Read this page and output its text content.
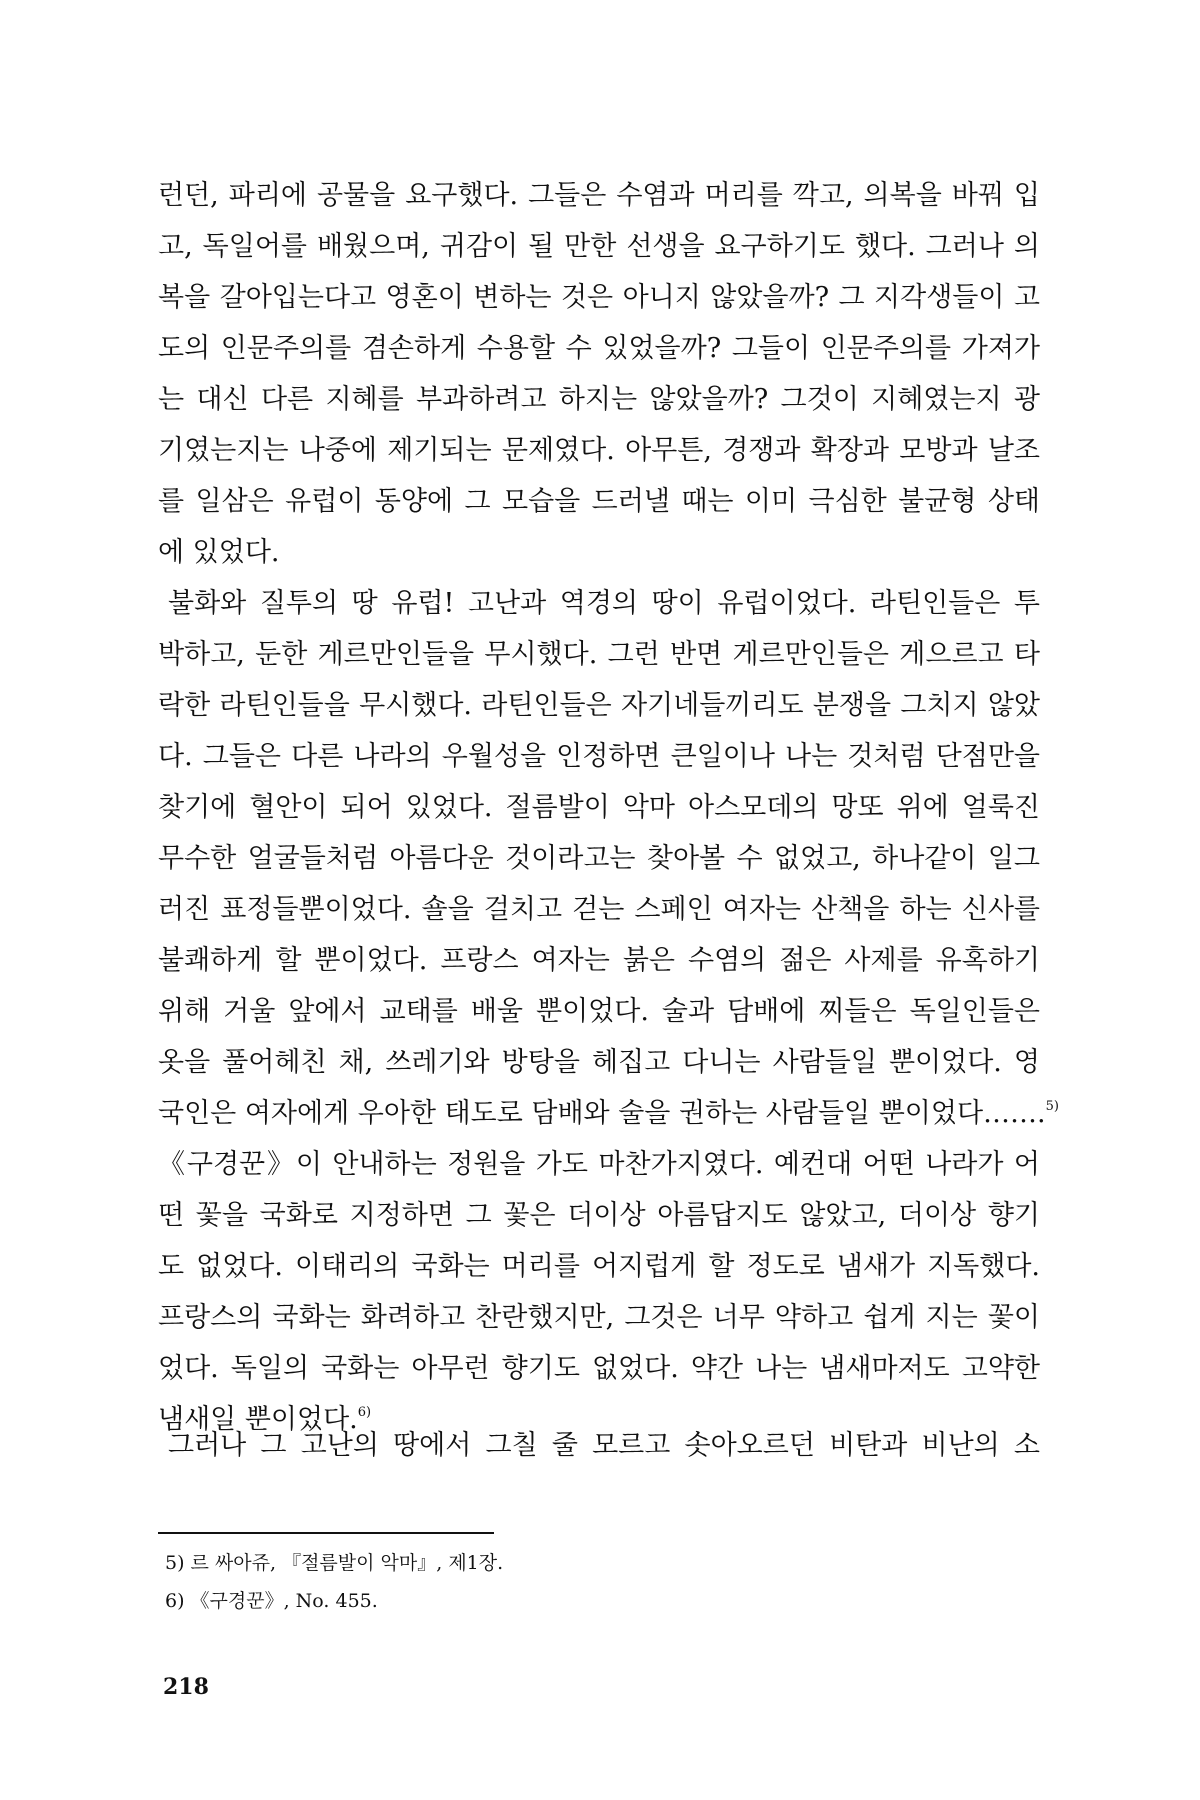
런던, 파리에 공물을 요구했다. 그들은 수염과 머리를 깍고, 의복을 바꿔 입
고, 독일어를 배웠으며, 귀감이 될 만한 선생을 요구하기도 했다. 그러나 의
복을 갈아입는다고 영혼이 변하는 것은 아니지 않았을까? 그 지각생들이 고
도의 인문주의를 겸손하게 수용할 수 있었을까? 그들이 인문주의를 가져가
는 대신 다른 지혜를 부과하려고 하지는 않았을까? 그것이 지혜였는지 광
기였는지는 나중에 제기되는 문제였다. 아무튼, 경쟁과 확장과 모방과 날조
를 일삼은 유럽이 동양에 그 모습을 드러낼 때는 이미 극심한 불균형 상태
에 있었다.
불화와 질투의 땅 유럽! 고난과 역경의 땅이 유럽이었다. 라틴인들은 투
박하고, 둔한 게르만인들을 무시했다. 그런 반면 게르만인들은 게으르고 타
락한 라틴인들을 무시했다. 라틴인들은 자기네들끼리도 분쟁을 그치지 않았
다. 그들은 다른 나라의 우월성을 인정하면 큰일이나 나는 것처럼 단점만을
찾기에 혈안이 되어 있었다. 절름발이 악마 아스모데의 망또 위에 얼룩진
무수한 얼굴들처럼 아름다운 것이라고는 찾아볼 수 없었고, 하나같이 일그
러진 표정들뿐이었다. 숄을 걸치고 걷는 스페인 여자는 산책을 하는 신사를
불쾌하게 할 뿐이었다. 프랑스 여자는 붉은 수염의 젊은 사제를 유혹하기
위해 거울 앞에서 교태를 배울 뿐이었다. 술과 담배에 찌들은 독일인들은
옷을 풀어헤친 채, 쓰레기와 방탕을 헤집고 다니는 사람들일 뿐이었다. 영
국인은 여자에게 우아한 태도로 담배와 술을 권하는 사람들일 뿐이었다…….$^{5)}$
《구경꾼》이 안내하는 정원을 가도 마찬가지였다. 예컨대 어떤 나라가 어
떤 꽃을 국화로 지정하면 그 꽃은 더이상 아름답지도 않았고, 더이상 향기
도 없었다. 이태리의 국화는 머리를 어지럽게 할 정도로 냄새가 지독했다.
프랑스의 국화는 화려하고 찬란했지만, 그것은 너무 약하고 쉽게 지는 꽃이
었다. 독일의 국화는 아무런 향기도 없었다. 약간 나는 냄새마저도 고약한
냄새일 뿐이었다.$^{6)}$
그러나 그 고난의 땅에서 그칠 줄 모르고 솟아오르던 비탄과 비난의 소
5) 르 싸아쥬, 『절름발이 악마』, 제1장.
6) 《구경꾼》, No. 455.
218
